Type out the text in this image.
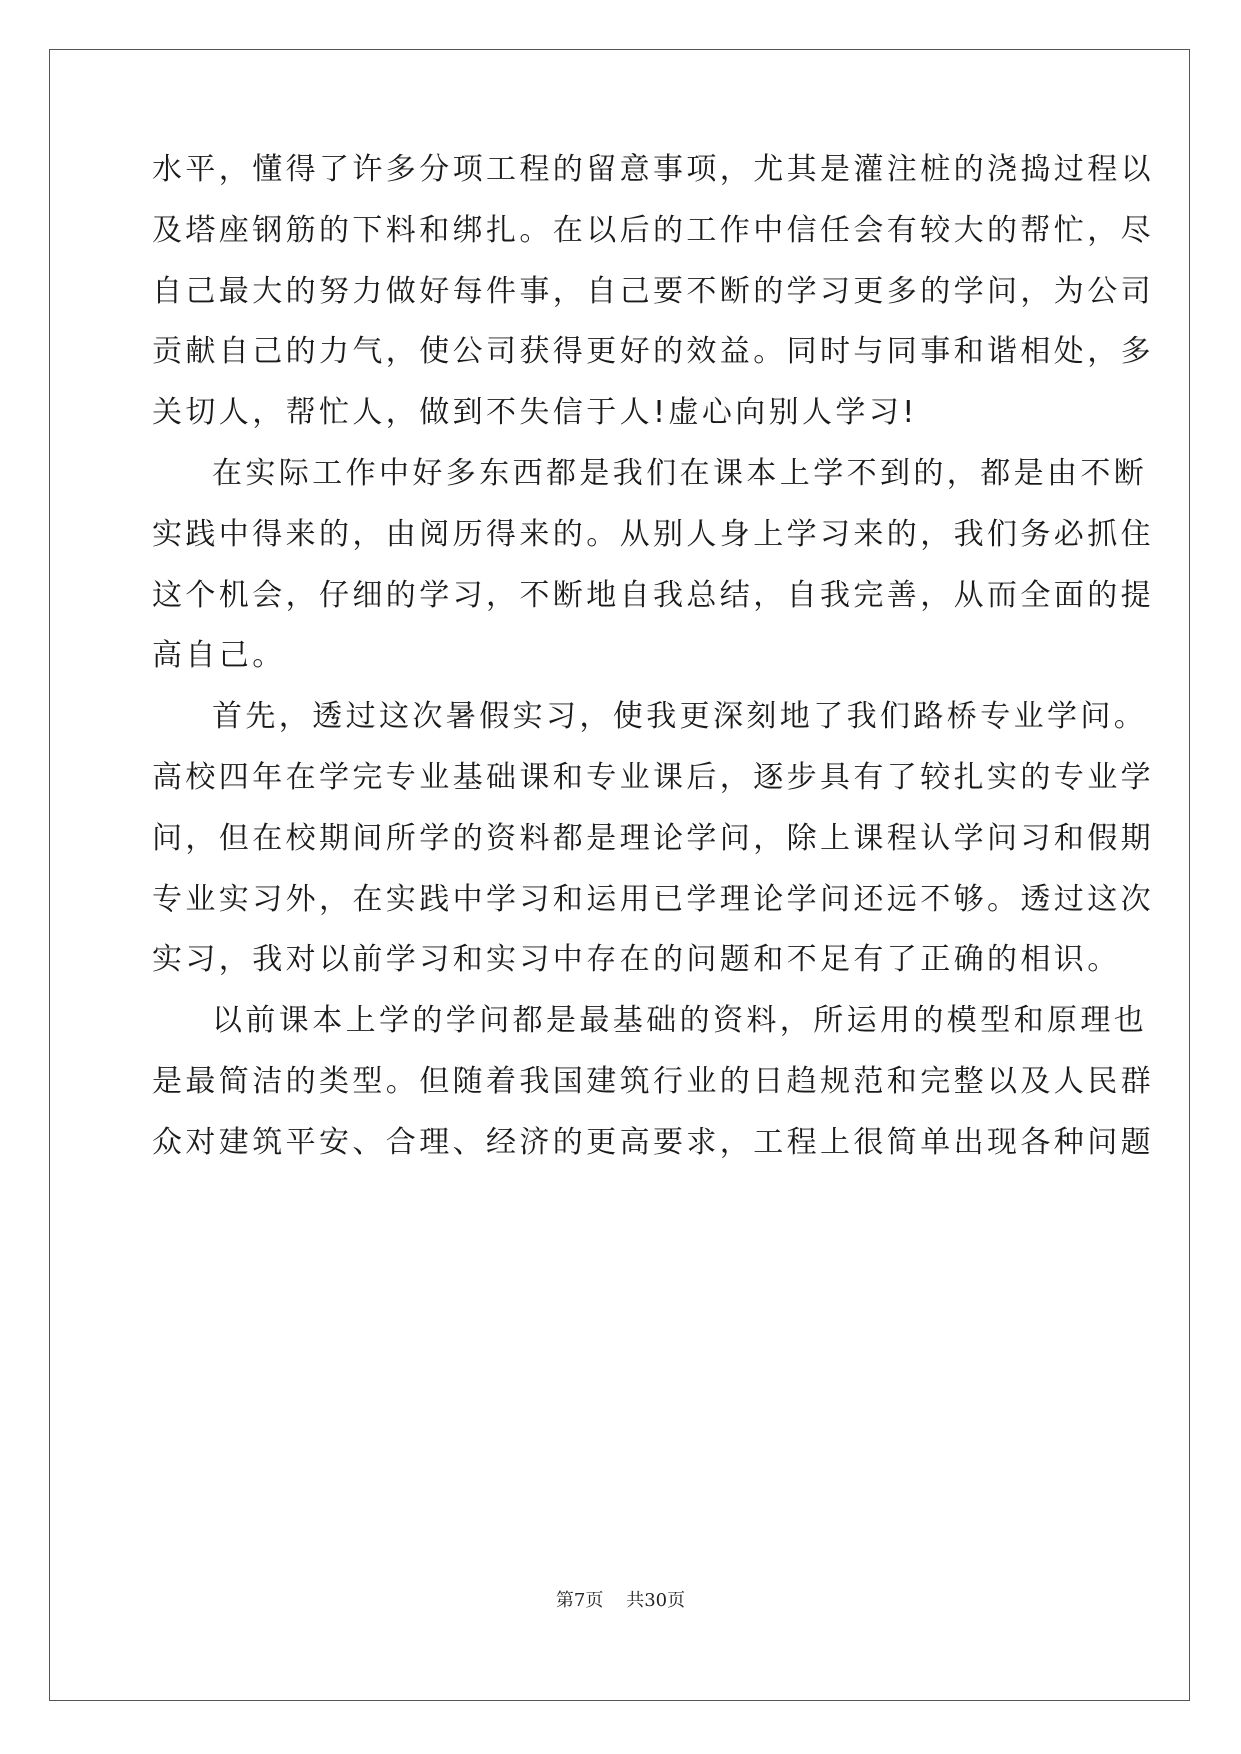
水平，懂得了许多分项工程的留意事项，尤其是灌注桩的浇捣过程以
及塔座钢筋的下料和绑扎。在以后的工作中信任会有较大的帮忙，尽
自己最大的努力做好每件事，自己要不断的学习更多的学问，为公司
贡献自己的力气，使公司获得更好的效益。同时与同事和谐相处，多
关切人，帮忙人，做到不失信于人!虚心向别人学习!
在实际工作中好多东西都是我们在课本上学不到的，都是由不断
实践中得来的，由阅历得来的。从别人身上学习来的，我们务必抓住
这个机会，仔细的学习，不断地自我总结，自我完善，从而全面的提
高自己。
首先，透过这次暑假实习，使我更深刻地了我们路桥专业学问。
高校四年在学完专业基础课和专业课后，逐步具有了较扎实的专业学
问，但在校期间所学的资料都是理论学问，除上课程认学问习和假期
专业实习外，在实践中学习和运用已学理论学问还远不够。透过这次
实习，我对以前学习和实习中存在的问题和不足有了正确的相识。
以前课本上学的学问都是最基础的资料，所运用的模型和原理也
是最简洁的类型。但随着我国建筑行业的日趋规范和完整以及人民群
众对建筑平安、合理、经济的更高要求，工程上很简单出现各种问题
第7页    共30页
